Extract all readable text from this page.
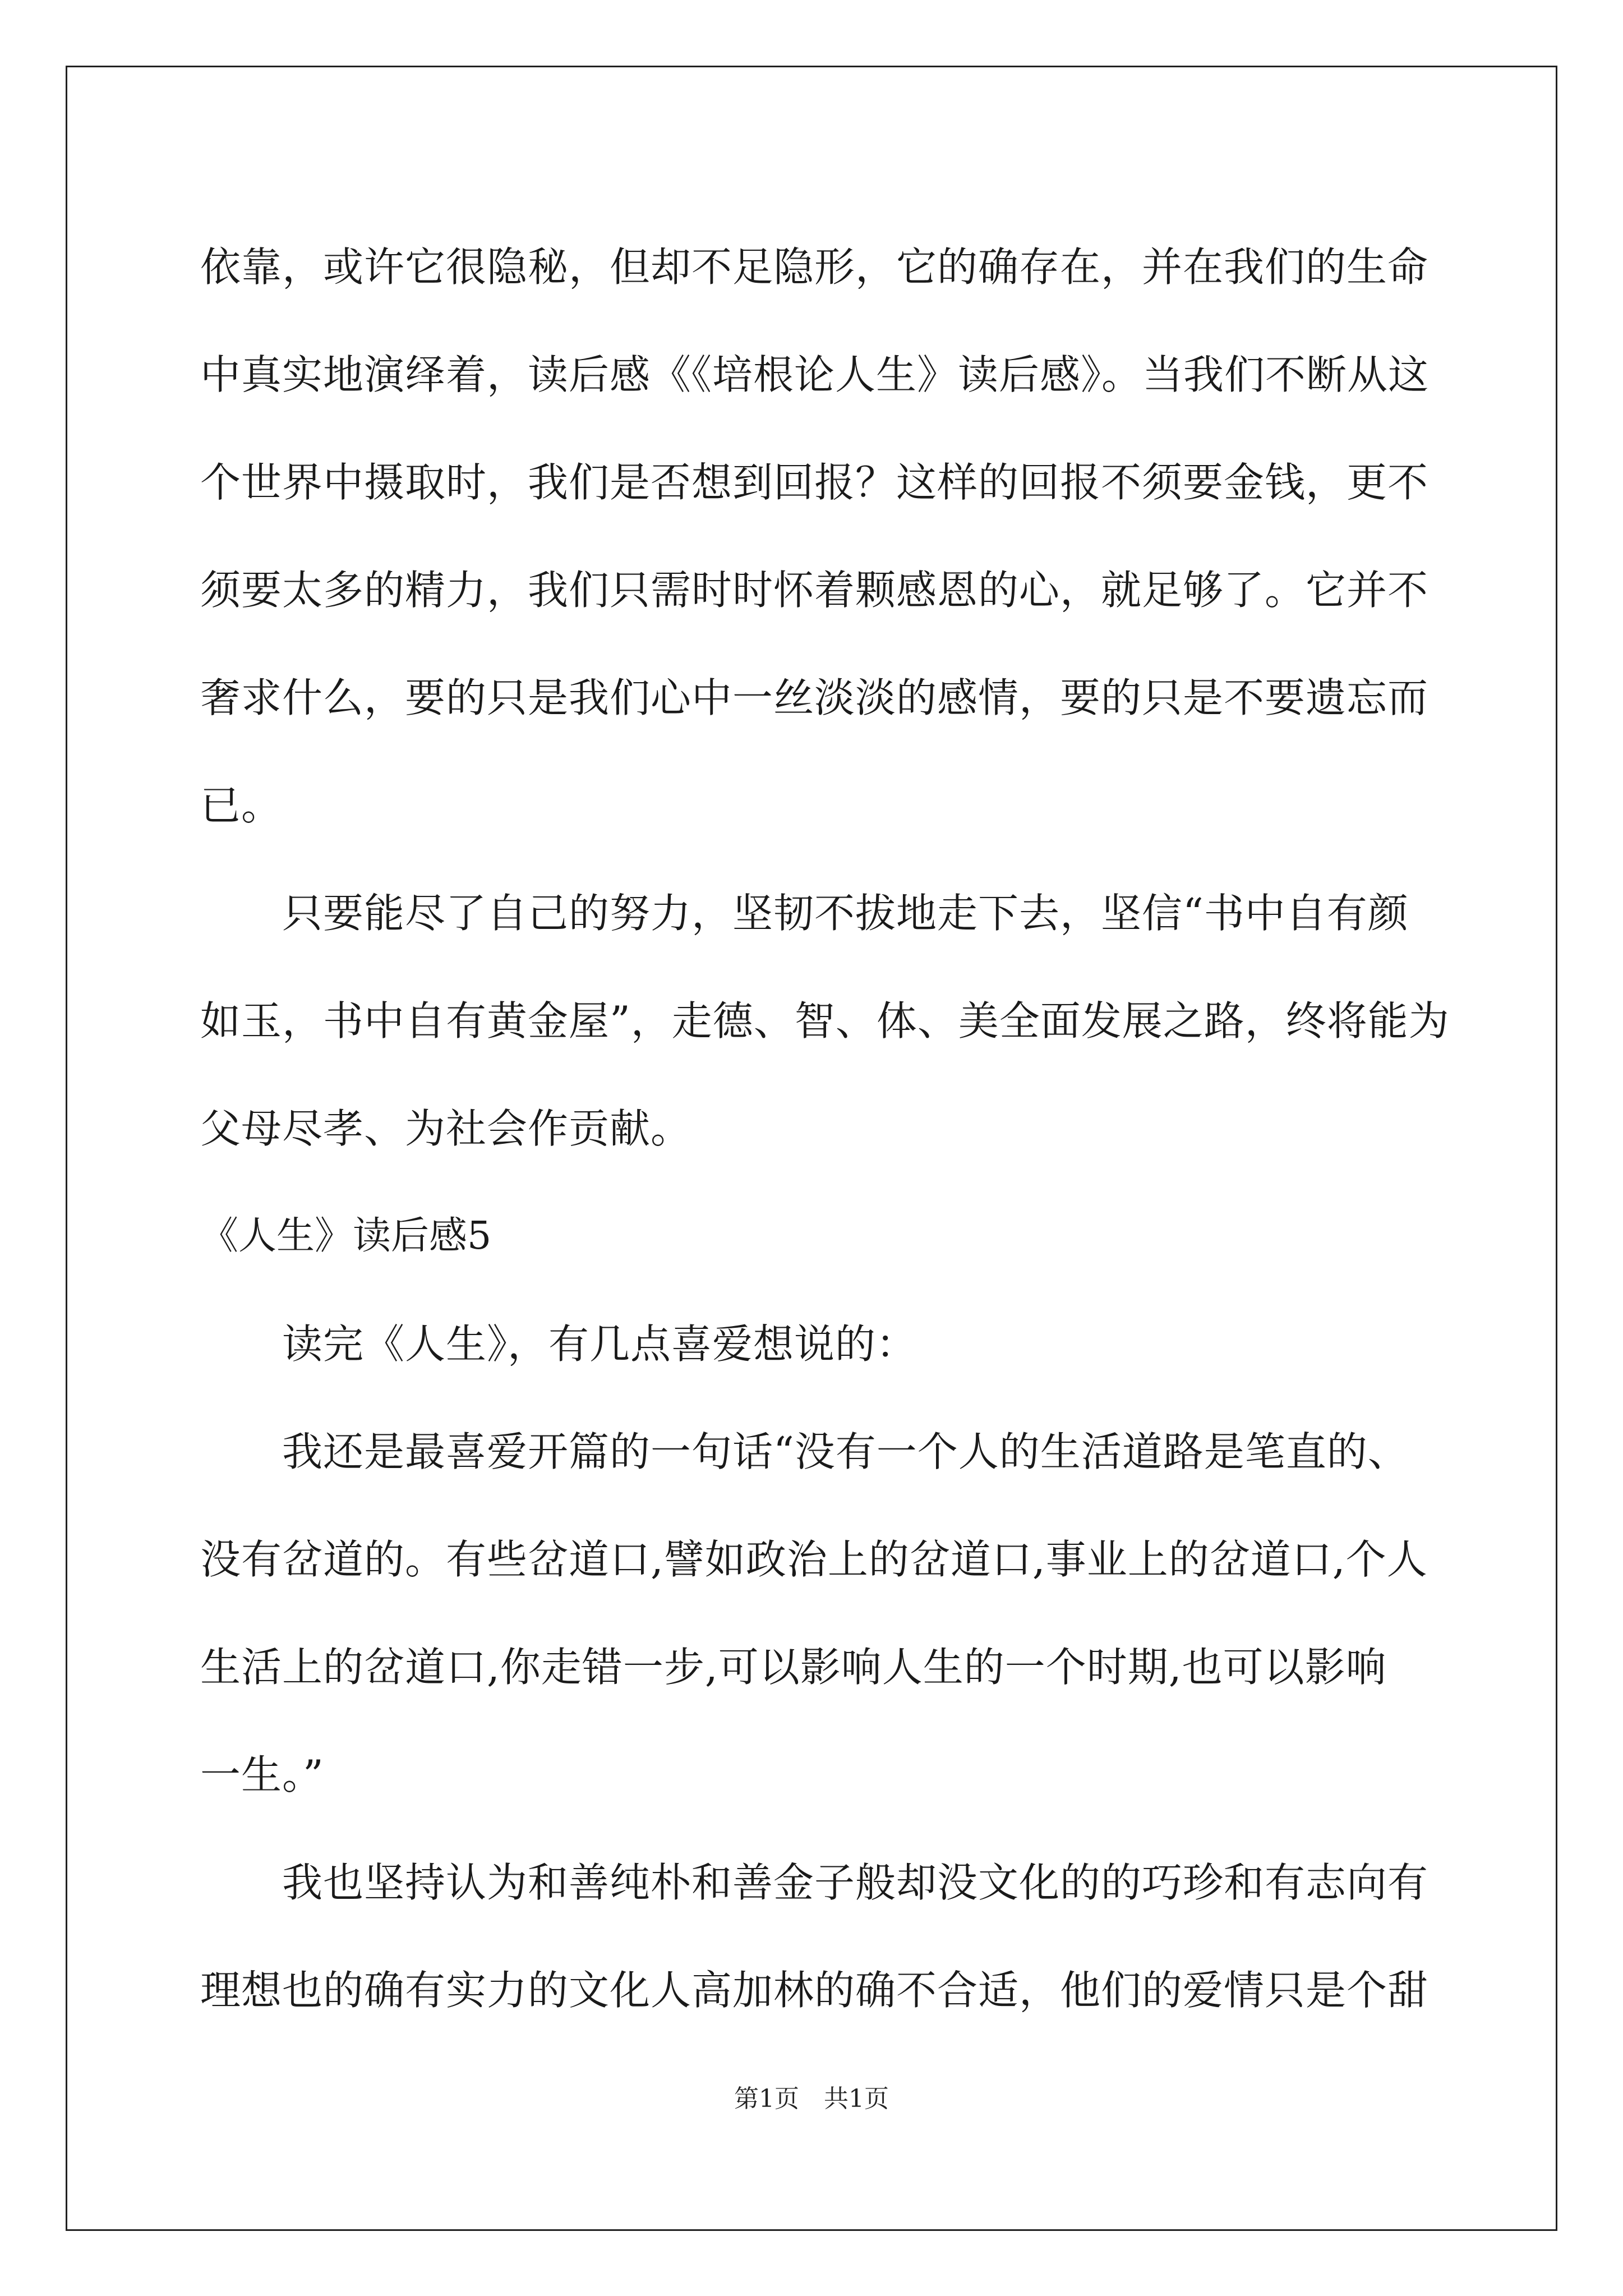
依靠，或许它很隐秘，但却不足隐形，它的确存在，并在我们的生命
中真实地演绎着，读后感《《培根论人生》读后感》。当我们不断从这
个世界中摄取时，我们是否想到回报？这样的回报不须要金钱，更不
须要太多的精力，我们只需时时怀着颗感恩的心，就足够了。它并不
奢求什么，要的只是我们心中一丝淡淡的感情，要的只是不要遗忘而
已。
只要能尽了自己的努力，坚韧不拔地走下去，坚信“书中自有颜
如玉，书中自有黄金屋”，走德、智、体、美全面发展之路，终将能为
父母尽孝、为社会作贡献。
《人生》读后感5
读完《人生》，有几点喜爱想说的：
我还是最喜爱开篇的一句话“没有一个人的生活道路是笔直的、
没有岔道的。有些岔道口,譬如政治上的岔道口,事业上的岔道口,个人
生活上的岔道口,你走错一步,可以影响人生的一个时期,也可以影响
一生。”
我也坚持认为和善纯朴和善金子般却没文化的的巧珍和有志向有
理想也的确有实力的文化人高加林的确不合适，他们的爱情只是个甜
第1页　共1页
